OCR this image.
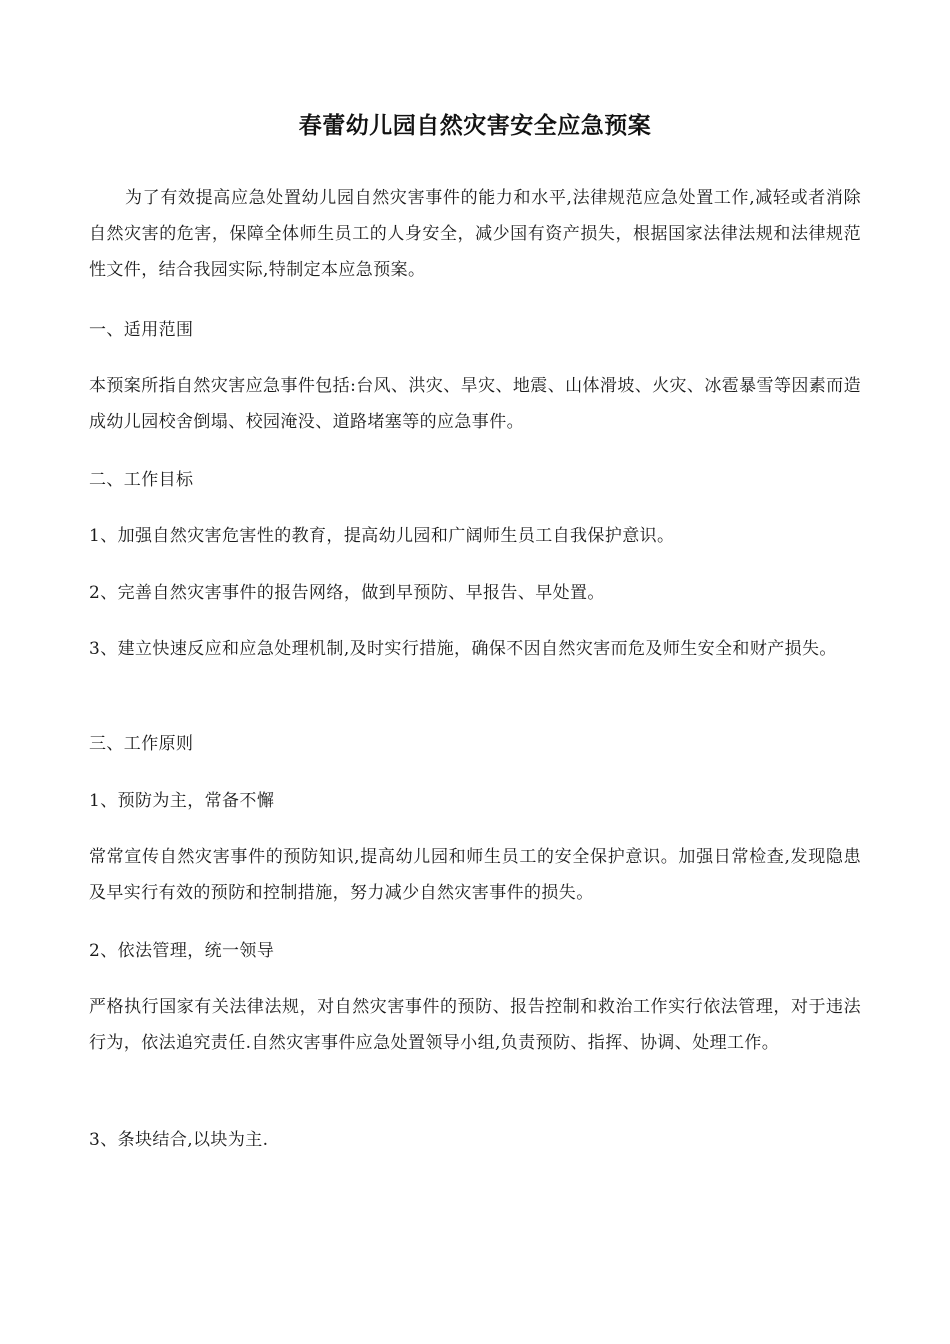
春蕾幼儿园自然灾害安全应急预案

为了有效提高应急处置幼儿园自然灾害事件的能力和水平,法律规范应急处置工作,减轻或者消除自然灾害的危害，保障全体师生员工的人身安全，减少国有资产损失，根据国家法律法规和法律规范性文件，结合我园实际,特制定本应急预案。

一、适用范围

本预案所指自然灾害应急事件包括:台风、洪灾、旱灾、地震、山体滑坡、火灾、冰雹暴雪等因素而造成幼儿园校舍倒塌、校园淹没、道路堵塞等的应急事件。

二、工作目标

1、加强自然灾害危害性的教育，提高幼儿园和广阔师生员工自我保护意识。

2、完善自然灾害事件的报告网络，做到早预防、早报告、早处置。

3、建立快速反应和应急处理机制,及时实行措施，确保不因自然灾害而危及师生安全和财产损失。

三、工作原则

1、预防为主，常备不懈

常常宣传自然灾害事件的预防知识,提高幼儿园和师生员工的安全保护意识。加强日常检查,发现隐患及早实行有效的预防和控制措施，努力减少自然灾害事件的损失。

2、依法管理，统一领导

严格执行国家有关法律法规，对自然灾害事件的预防、报告控制和救治工作实行依法管理，对于违法行为，依法追究责任.自然灾害事件应急处置领导小组,负责预防、指挥、协调、处理工作。

3、条块结合,以块为主.
